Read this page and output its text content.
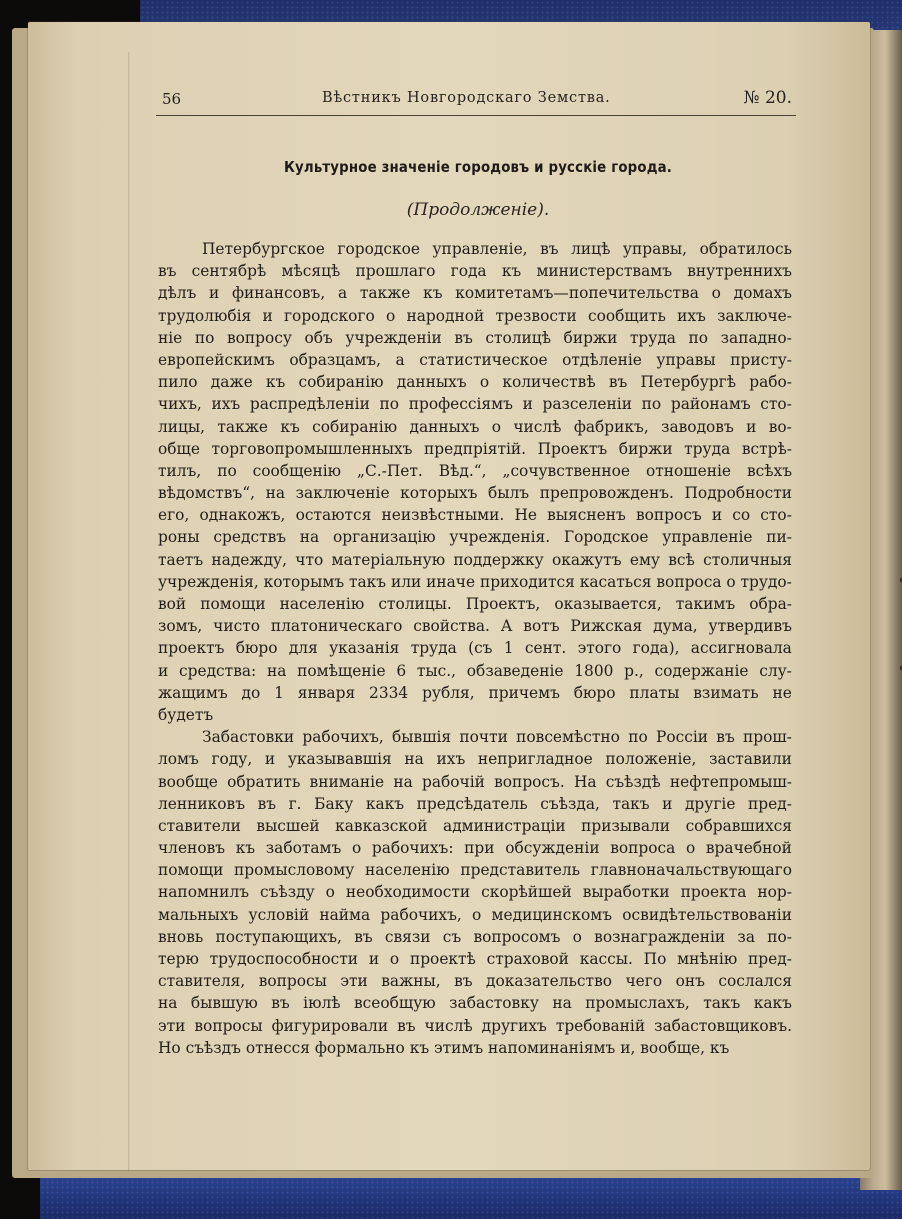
56	Вѣстникъ Новгородскаго Земства.	№ 20.
Культурное значенiе городовъ и русскiе города.
(Продолженіе).
Петербургское городское управленіе, въ лицѣ управы, обратилось
въ сентябрѣ мѣсяцѣ прошлаго года къ министерствамъ внутреннихъ
дѣлъ и финансовъ, а также къ комитетамъ—попечительства о домахъ
трудолюбія и городского о народной трезвости сообщить ихъ заключе-
ніе по вопросу объ учрежденіи въ столицѣ биржи труда по западно-
европейскимъ образцамъ, а статистическое отдѣленіе управы присту-
пило даже къ собиранію данныхъ о количествѣ въ Петербургѣ рабо-
чихъ, ихъ распредѣленіи по профессіямъ и разселеніи по районамъ сто-
лицы, также къ собиранію данныхъ о числѣ фабрикъ, заводовъ и во-
обще торговопромышленныхъ предпріятій. Проектъ биржи труда встрѣ-
тилъ, по сообщенію „С.-Пет. Вѣд.“, „сочувственное отношеніе всѣхъ
вѣдомствъ“, на заключеніе которыхъ былъ препровожденъ. Подробности
его, однакожъ, остаются неизвѣстными. Не выясненъ вопросъ и со сто-
роны средствъ на организацію учрежденія. Городское управленіе пи-
таетъ надежду, что матеріальную поддержку окажутъ ему всѣ столичныя
учрежденія, которымъ такъ или иначе приходится касаться вопроса о трудо-
вой помощи населенію столицы. Проектъ, оказывается, такимъ обра-
зомъ, чисто платоническаго свойства. А вотъ Рижская дума, утвердивъ
проектъ бюро для указанія труда (съ 1 сент. этого года), ассигновала
и средства: на помѣщеніе 6 тыс., обзаведеніе 1800 р., содержаніе слу-
жащимъ до 1 января 2334 рубля, причемъ бюро платы взимать не
будетъ
Забастовки рабочихъ, бывшія почти повсемѣстно по Россіи въ прош-
ломъ году, и указывавшія на ихъ непригладное положеніе, заставили
вообще обратить вниманіе на рабочій вопросъ. На съѣздѣ нефтепромыш-
ленниковъ въ г. Баку какъ предсѣдатель съѣзда, такъ и другіе пред-
ставители высшей кавказской администраціи призывали собравшихся
членовъ къ заботамъ о рабочихъ: при обсужденіи вопроса о врачебной
помощи промысловому населенію представитель главноначальствующаго
напомнилъ съѣзду о необходимости скорѣйшей выработки проекта нор-
мальныхъ условій найма рабочихъ, о медицинскомъ освидѣтельствованіи
вновь поступающихъ, въ связи съ вопросомъ о вознагражденіи за по-
терю трудоспособности и о проектѣ страховой кассы. По мнѣнію пред-
ставителя, вопросы эти важны, въ доказательство чего онъ сослался
на бывшую въ іюлѣ всеобщую забастовку на промыслахъ, такъ какъ
эти вопросы фигурировали въ числѣ другихъ требованій забастовщиковъ.
Но съѣздъ отнесся формально къ этимъ напоминаніямъ и, вообще, къ
